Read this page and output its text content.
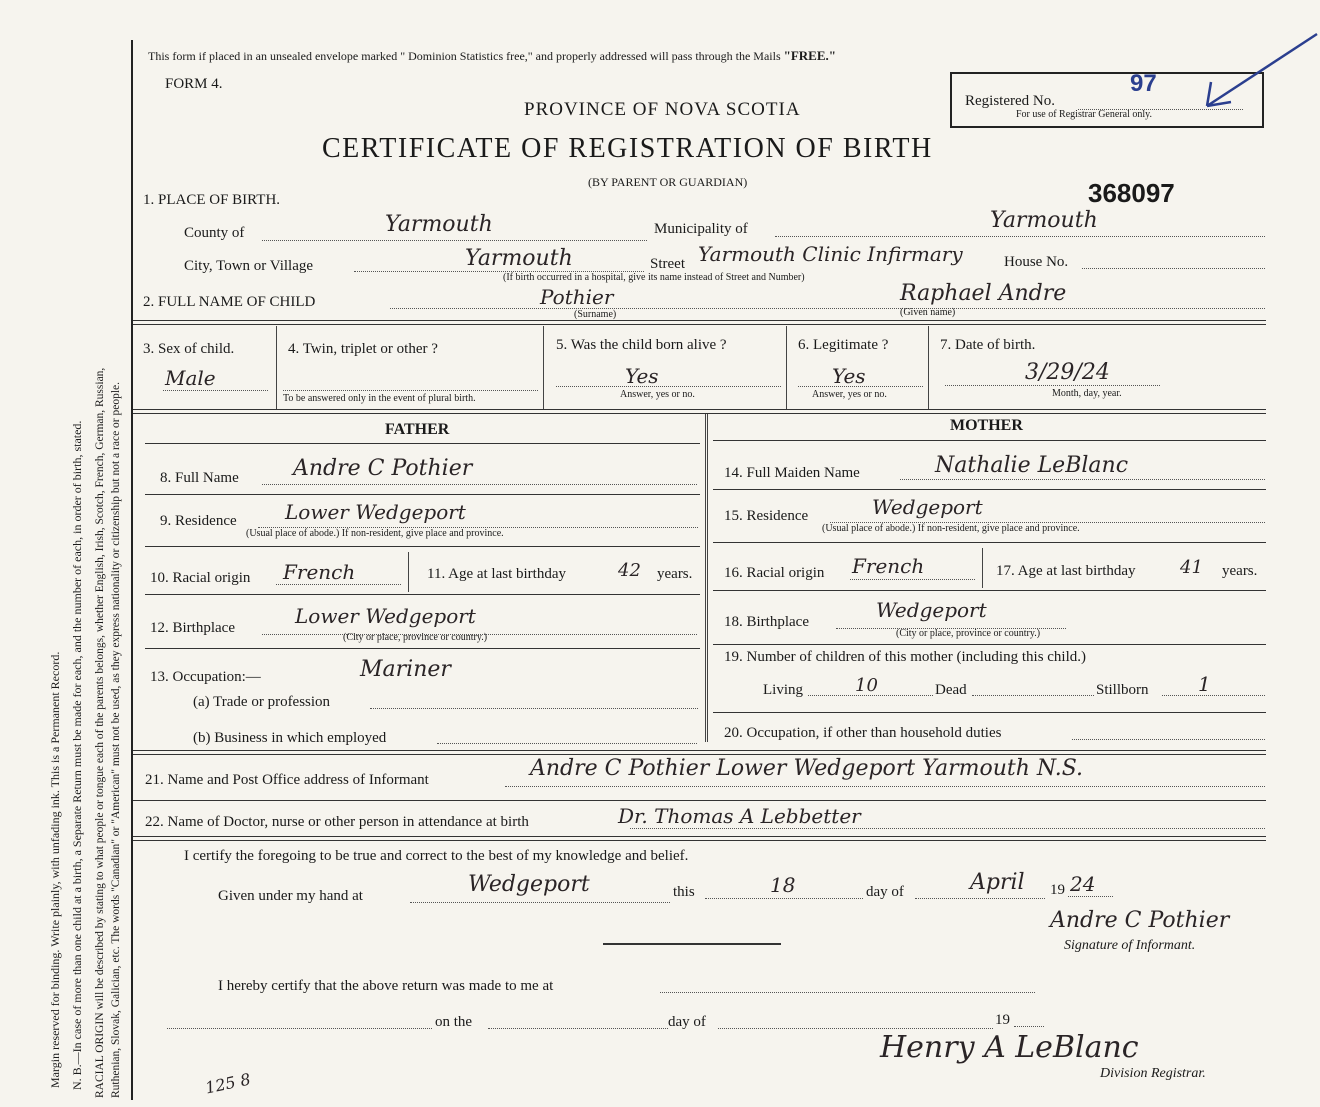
Margin reserved for binding. Write plainly, with unfading ink. This is a Permanent Record. N. B.—In case of more than one child at a birth, a Separate Return must be made for each, and the number of each, in order of birth, stated. RACIAL ORIGIN will be described by stating to what people or tongue each of the parents belongs, whether English, Irish, Scotch, French, German, Russian, Ruthenian, Slovak, Galician, etc. The words "Canadian" or "American" must not be used, as they express nationality or citizenship but not a race or people.	125 8
This form if placed in an unsealed envelope marked " Dominion Statistics free," and properly addressed will pass through the Mails "FREE."
FORM 4.
PROVINCE OF NOVA SCOTIA
CERTIFICATE OF REGISTRATION OF BIRTH
(BY PARENT OR GUARDIAN)	368097
Registered No.
97
For use of Registrar General only.
1. PLACE OF BIRTH.
County of	Yarmouth	Municipality of	Yarmouth
City, Town or Village	Yarmouth	Street Yarmouth Clinic Infirmary	House No.
(If birth occurred in a hospital, give its name instead of Street and Number)
2. FULL NAME OF CHILD	Pothier
(Surname)
Raphael Andre
(Given name)
3. Sex of child.
Male
4. Twin, triplet or other ?
To be answered only in the event of plural birth.
5. Was the child born alive ?
Yes
Answer, yes or no.
6. Legitimate ?
Yes
Answer, yes or no.
7. Date of birth.
3/29/24
Month, day, year.
FATHER	MOTHER
8. Full Name Andre C Pothier
9. Residence Lower Wedgeport
(Usual place of abode.) If non-resident, give place and province.
10. Racial origin French	11. Age at last birthday	42 years.
12. Birthplace	Lower Wedgeport
(City or place, province or country.)
13. Occupation:—	Mariner
(a) Trade or profession
(b) Business in which employed
14. Full Maiden Name	Nathalie LeBlanc
15. Residence	Wedgeport
(Usual place of abode.) If non-resident, give place and province.
16. Racial origin French	17. Age at last birthday 41 years.
18. Birthplace	Wedgeport
(City or place, province or country.)
19. Number of children of this mother (including this child.)
Living	10	Dead	Stillborn 1
20. Occupation, if other than household duties
21. Name and Post Office address of Informant	Andre C Pothier Lower Wedgeport Yarmouth N.S.
22. Name of Doctor, nurse or other person in attendance at birth	Dr. Thomas A Lebbetter
I certify the foregoing to be true and correct to the best of my knowledge and belief.
Given under my hand at	Wedgeport	this	18	day of	April 19 24
Andre C Pothier
Signature of Informant.
I hereby certify that the above return was made to me at
on the	day of	19
Henry A LeBlanc
Division Registrar.
